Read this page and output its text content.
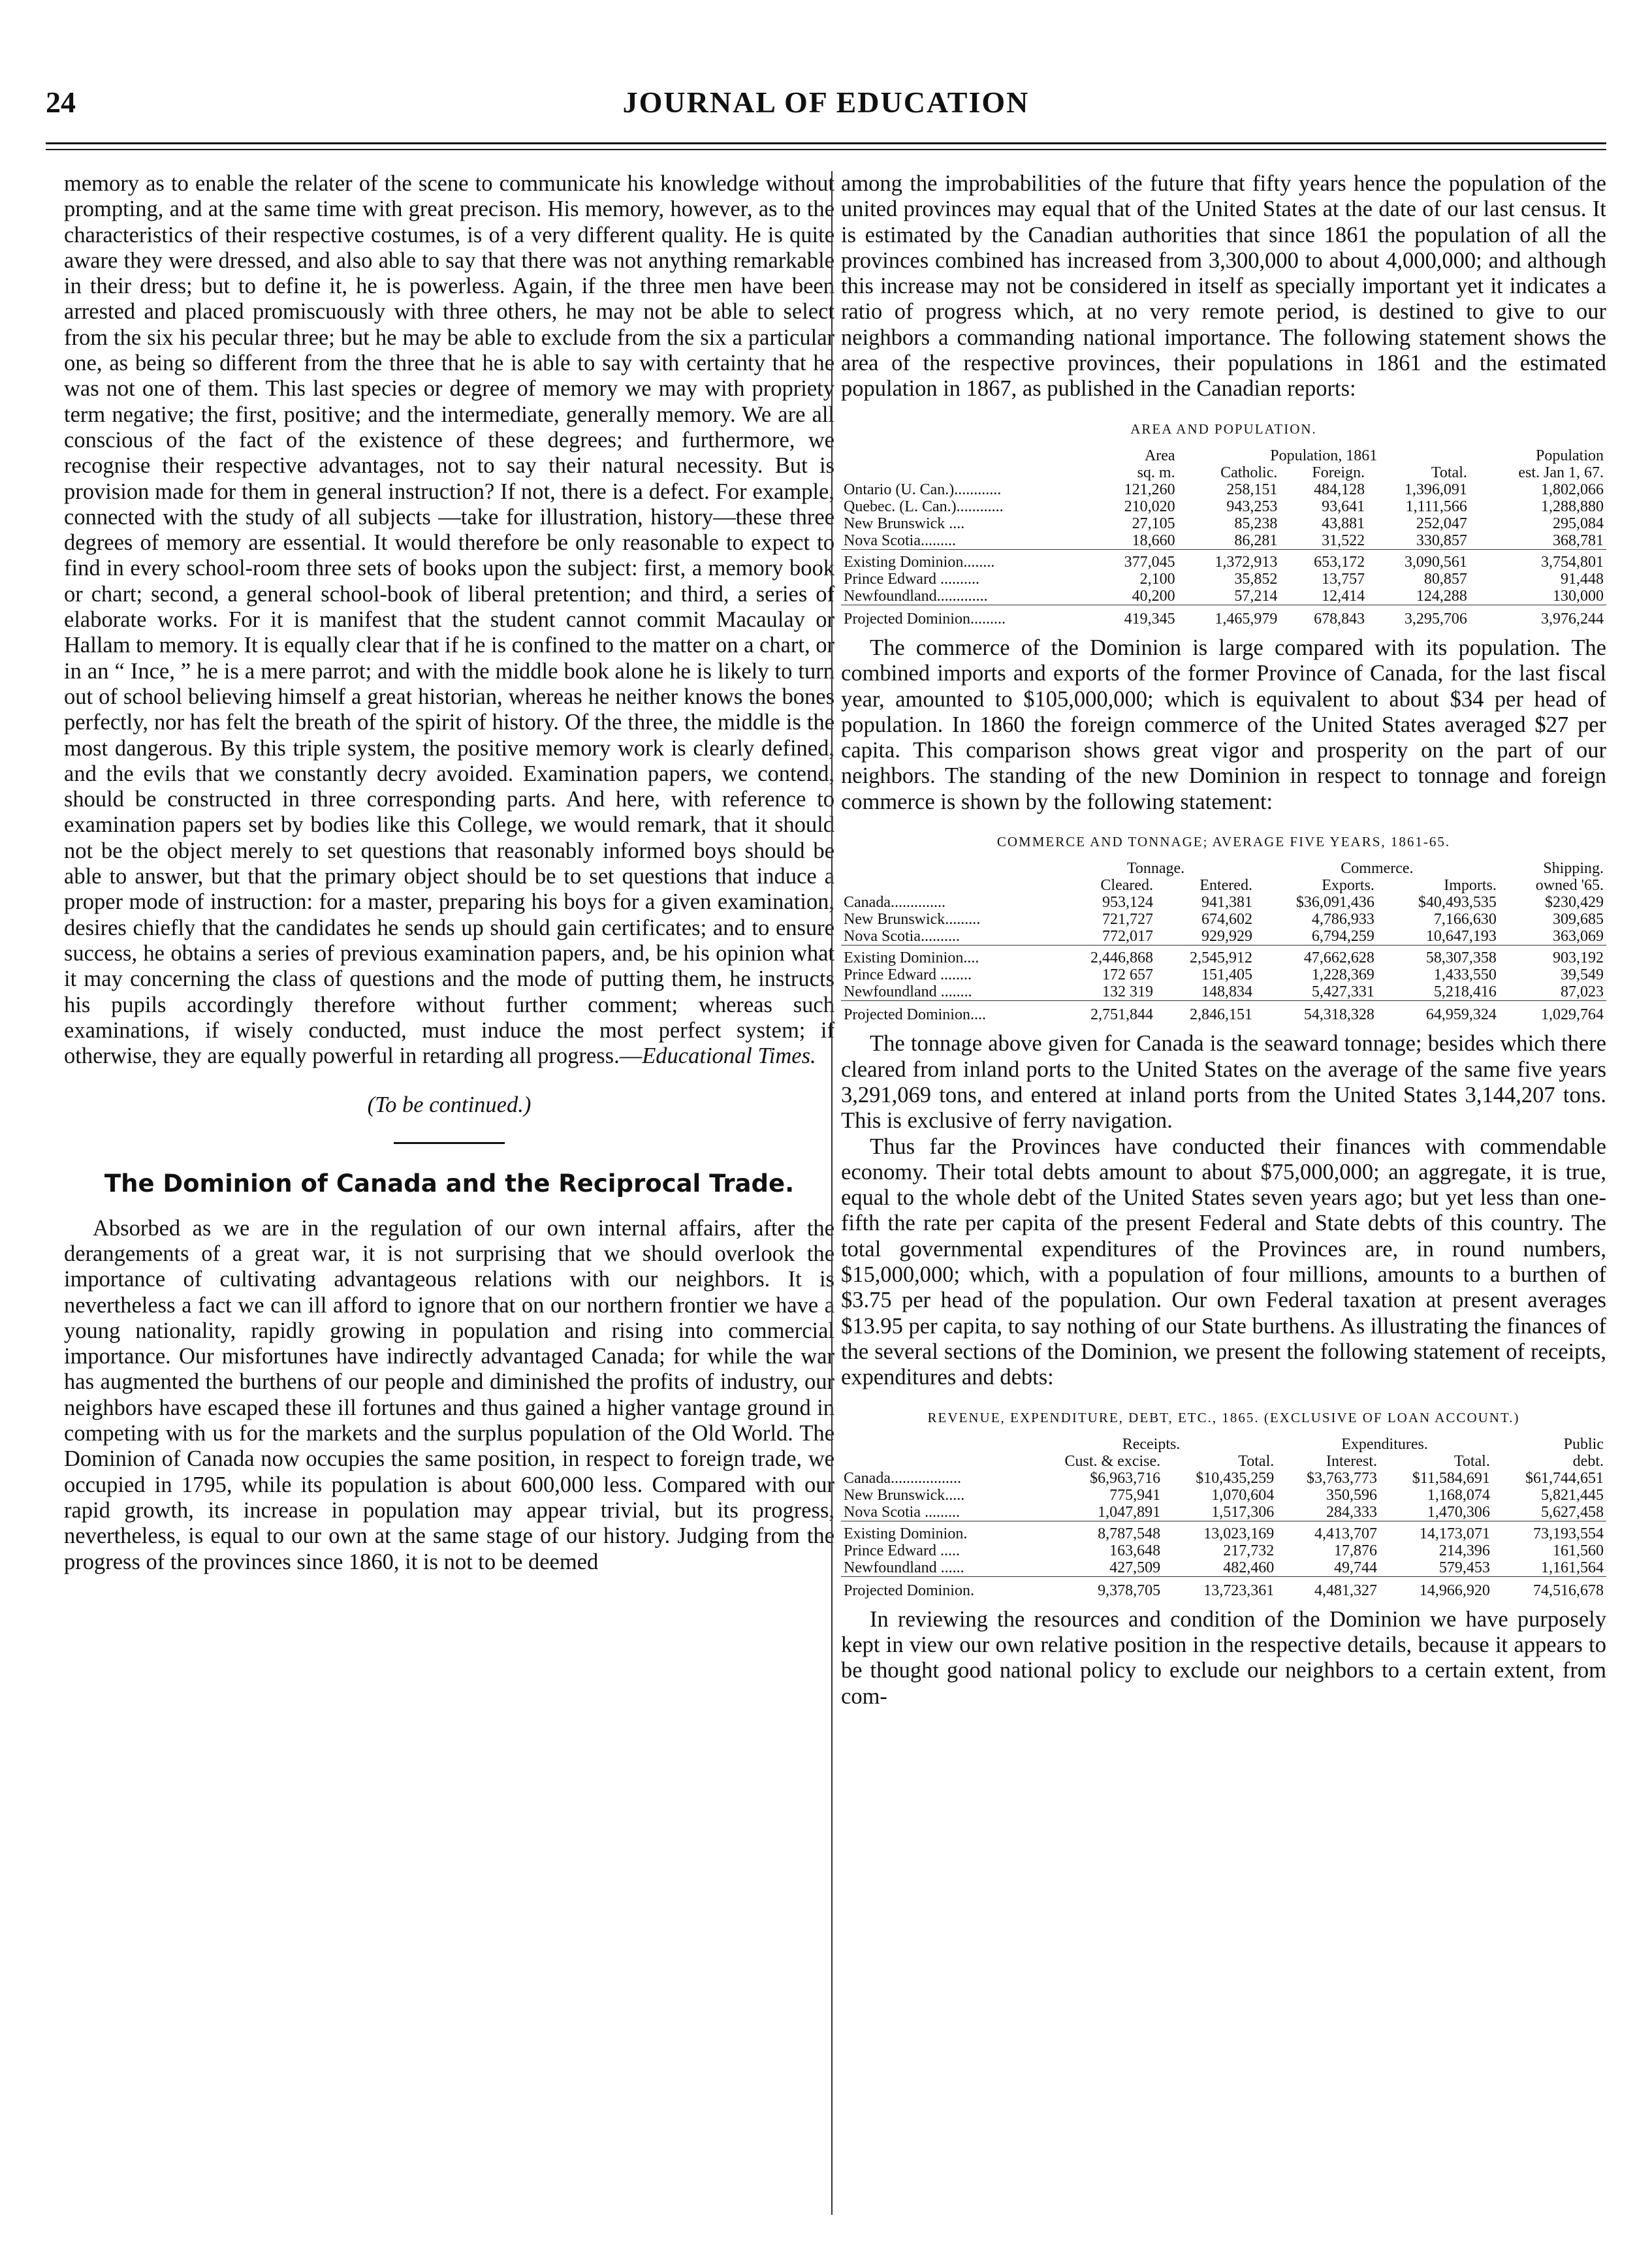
24	JOURNAL OF EDUCATION

memory as to enable the relater of the scene to communicate his knowledge without prompting, and at the same time with great precison. His memory, however, as to the characteristics of their respective costumes, is of a very different quality. He is quite aware they were dressed, and also able to say that there was not anything remarkable in their dress; but to define it, he is powerless. Again, if the three men have been arrested and placed promiscuously with three others, he may not be able to select from the six his pecular three; but he may be able to exclude from the six a particular one, as being so different from the three that he is able to say with certainty that he was not one of them. This last species or degree of memory we may with propriety term negative; the first, positive; and the intermediate, generally memory. We are all conscious of the fact of the existence of these degrees; and furthermore, we recognise their respective advantages, not to say their natural necessity. But is provision made for them in general instruction? If not, there is a defect. For example, connected with the study of all subjects —take for illustration, history—these three degrees of memory are essential. It would therefore be only reasonable to expect to find in every school-room three sets of books upon the subject: first, a memory book or chart; second, a general school-book of liberal pretention; and third, a series of elaborate works. For it is manifest that the student cannot commit Macaulay or Hallam to memory. It is equally clear that if he is confined to the matter on a chart, or in an “ Ince, ” he is a mere parrot; and with the middle book alone he is likely to turn out of school believing himself a great historian, whereas he neither knows the bones perfectly, nor has felt the breath of the spirit of history. Of the three, the middle is the most dangerous. By this triple system, the positive memory work is clearly defined, and the evils that we constantly decry avoided. Examination papers, we contend, should be constructed in three corresponding parts. And here, with reference to examination papers set by bodies like this College, we would remark, that it should not be the object merely to set questions that reasonably informed boys should be able to answer, but that the primary object should be to set questions that induce a proper mode of instruction: for a master, preparing his boys for a given examination, desires chiefly that the candidates he sends up should gain certificates; and to ensure success, he obtains a series of previous examination papers, and, be his opinion what it may concerning the class of questions and the mode of putting them, he instructs his pupils accordingly therefore without further comment; whereas such examinations, if wisely conducted, must induce the most perfect system; if otherwise, they are equally powerful in retarding all progress.—Educational Times.

(To be continued.)

The Dominion of Canada and the Reciprocal Trade.

Absorbed as we are in the regulation of our own internal affairs, after the derangements of a great war, it is not surprising that we should overlook the importance of cultivating advantageous relations with our neighbors. It is nevertheless a fact we can ill afford to ignore that on our northern frontier we have a young nationality, rapidly growing in population and rising into commercial importance. Our misfortunes have indirectly advantaged Canada; for while the war has augmented the burthens of our people and diminished the profits of industry, our neighbors have escaped these ill fortunes and thus gained a higher vantage ground in competing with us for the markets and the surplus population of the Old World. The Dominion of Canada now occupies the same position, in respect to foreign trade, we occupied in 1795, while its population is about 600,000 less. Compared with our rapid growth, its increase in population may appear trivial, but its progress, nevertheless, is equal to our own at the same stage of our history. Judging from the progress of the provinces since 1860, it is not to be deemed

among the improbabilities of the future that fifty years hence the population of the united provinces may equal that of the United States at the date of our last census. It is estimated by the Canadian authorities that since 1861 the population of all the provinces combined has increased from 3,300,000 to about 4,000,000; and although this increase may not be considered in itself as specially important yet it indicates a ratio of progress which, at no very remote period, is destined to give to our neighbors a commanding national importance. The following statement shows the area of the respective provinces, their populations in 1861 and the estimated population in 1867, as published in the Canadian reports:

AREA AND POPULATION.
	Area	Population, 1861			Population
	sq. m.	Catholic.	Foreign.	Total.	est. Jan 1, 67.
Ontario (U. Can.)............	121,260	258,151	484,128	1,396,091	1,802,066
Quebec. (L. Can.)............	210,020	943,253	93,641	1,111,566	1,288,880
New Brunswick ....	27,105	85,238	43,881	252,047	295,084
Nova Scotia.........	18,660	86,281	31,522	330,857	368,781
Existing Dominion........	377,045	1,372,913	653,172	3,090,561	3,754,801
Prince Edward ..........	2,100	35,852	13,757	80,857	91,448
Newfoundland.............	40,200	57,214	12,414	124,288	130,000
Projected Dominion.........	419,345	1,465,979	678,843	3,295,706	3,976,244

The commerce of the Dominion is large compared with its population. The combined imports and exports of the former Province of Canada, for the last fiscal year, amounted to $105,000,000; which is equivalent to about $34 per head of population. In 1860 the foreign commerce of the United States averaged $27 per capita. This comparison shows great vigor and prosperity on the part of our neighbors. The standing of the new Dominion in respect to tonnage and foreign commerce is shown by the following statement:

COMMERCE AND TONNAGE; AVERAGE FIVE YEARS, 1861-65.
	Tonnage.		Commerce.		Shipping.
	Cleared.	Entered.	Exports.	Imports.	owned '65.
Canada..............	953,124	941,381	$36,091,436	$40,493,535	$230,429
New Brunswick.........	721,727	674,602	4,786,933	7,166,630	309,685
Nova Scotia..........	772,017	929,929	6,794,259	10,647,193	363,069
Existing Dominion....	2,446,868	2,545,912	47,662,628	58,307,358	903,192
Prince Edward ........	172 657	151,405	1,228,369	1,433,550	39,549
Newfoundland ........	132 319	148,834	5,427,331	5,218,416	87,023
Projected Dominion....	2,751,844	2,846,151	54,318,328	64,959,324	1,029,764

The tonnage above given for Canada is the seaward tonnage; besides which there cleared from inland ports to the United States on the average of the same five years 3,291,069 tons, and entered at inland ports from the United States 3,144,207 tons. This is exclusive of ferry navigation.

Thus far the Provinces have conducted their finances with commendable economy. Their total debts amount to about $75,000,000; an aggregate, it is true, equal to the whole debt of the United States seven years ago; but yet less than one-fifth the rate per capita of the present Federal and State debts of this country. The total governmental expenditures of the Provinces are, in round numbers, $15,000,000; which, with a population of four millions, amounts to a burthen of $3.75 per head of the population. Our own Federal taxation at present averages $13.95 per capita, to say nothing of our State burthens. As illustrating the finances of the several sections of the Dominion, we present the following statement of receipts, expenditures and debts:

REVENUE, EXPENDITURE, DEBT, ETC., 1865. (EXCLUSIVE OF LOAN ACCOUNT.)
	Receipts.		Expenditures.		Public
	Cust. & excise.	Total.	Interest.	Total.	debt.
Canada..................	$6,963,716	$10,435,259	$3,763,773	$11,584,691	$61,744,651
New Brunswick.....	775,941	1,070,604	350,596	1,168,074	5,821,445
Nova Scotia .........	1,047,891	1,517,306	284,333	1,470,306	5,627,458
Existing Dominion.	8,787,548	13,023,169	4,413,707	14,173,071	73,193,554
Prince Edward .....	163,648	217,732	17,876	214,396	161,560
Newfoundland ......	427,509	482,460	49,744	579,453	1,161,564
Projected Dominion.	9,378,705	13,723,361	4,481,327	14,966,920	74,516,678

In reviewing the resources and condition of the Dominion we have purposely kept in view our own relative position in the respective details, because it appears to be thought good national policy to exclude our neighbors to a certain extent, from com-
